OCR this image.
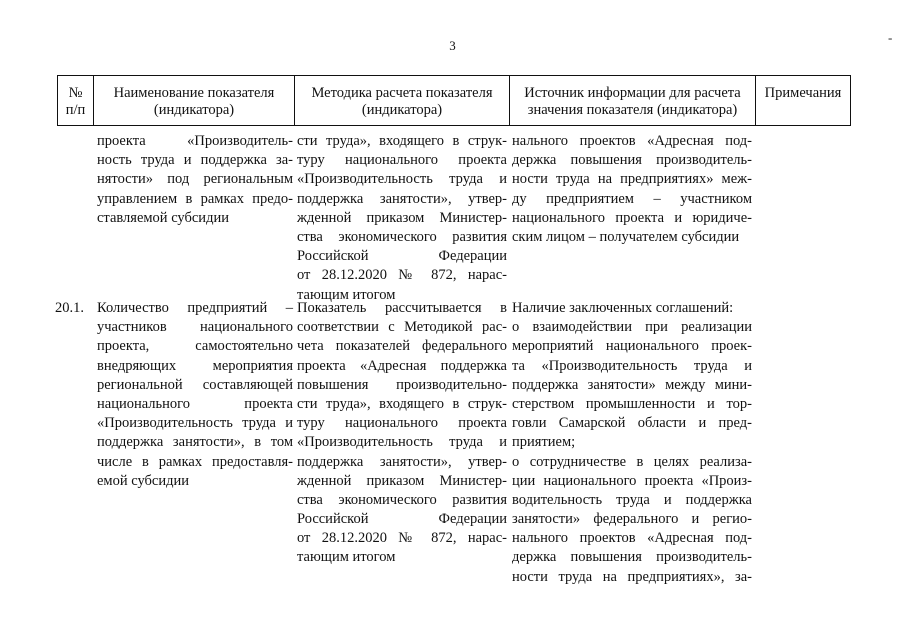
3
-
№
п/п
Наименование показателя
(индикатора)
Методика расчета показателя
(индикатора)
Источник информации для расчета
значения показателя (индикатора)
Примечания
проекта «Производитель-
ность труда и поддержка за-
нятости» под региональным
управлением в рамках предо-
ставляемой субсидии
сти труда», входящего в струк-
туру национального проекта
«Производительность труда и
поддержка занятости», утвер-
жденной приказом Министер-
ства экономического развития
Российской Федерации
от 28.12.2020 № 872, нарас-
тающим итогом
нального проектов «Адресная под-
держка повышения производитель-
ности труда на предприятиях» меж-
ду предприятием – участником
национального проекта и юридиче-
ским лицом – получателем субсидии
20.1. Количество предприятий –
участников национального
проекта, самостоятельно
внедряющих мероприятия
региональной составляющей
национального проекта
«Производительность труда и
поддержка занятости», в том
числе в рамках предоставля-
емой субсидии
Показатель рассчитывается в
соответствии с Методикой рас-
чета показателей федерального
проекта «Адресная поддержка
повышения производительно-
сти труда», входящего в струк-
туру национального проекта
«Производительность труда и
поддержка занятости», утвер-
жденной приказом Министер-
ства экономического развития
Российской Федерации
от 28.12.2020 № 872, нарас-
тающим итогом
Наличие заключенных соглашений:
о взаимодействии при реализации
мероприятий национального проек-
та «Производительность труда и
поддержка занятости» между мини-
стерством промышленности и тор-
говли Самарской области и пред-
приятием;
о сотрудничестве в целях реализа-
ции национального проекта «Произ-
водительность труда и поддержка
занятости» федерального и регио-
нального проектов «Адресная под-
держка повышения производитель-
ности труда на предприятиях», за-
